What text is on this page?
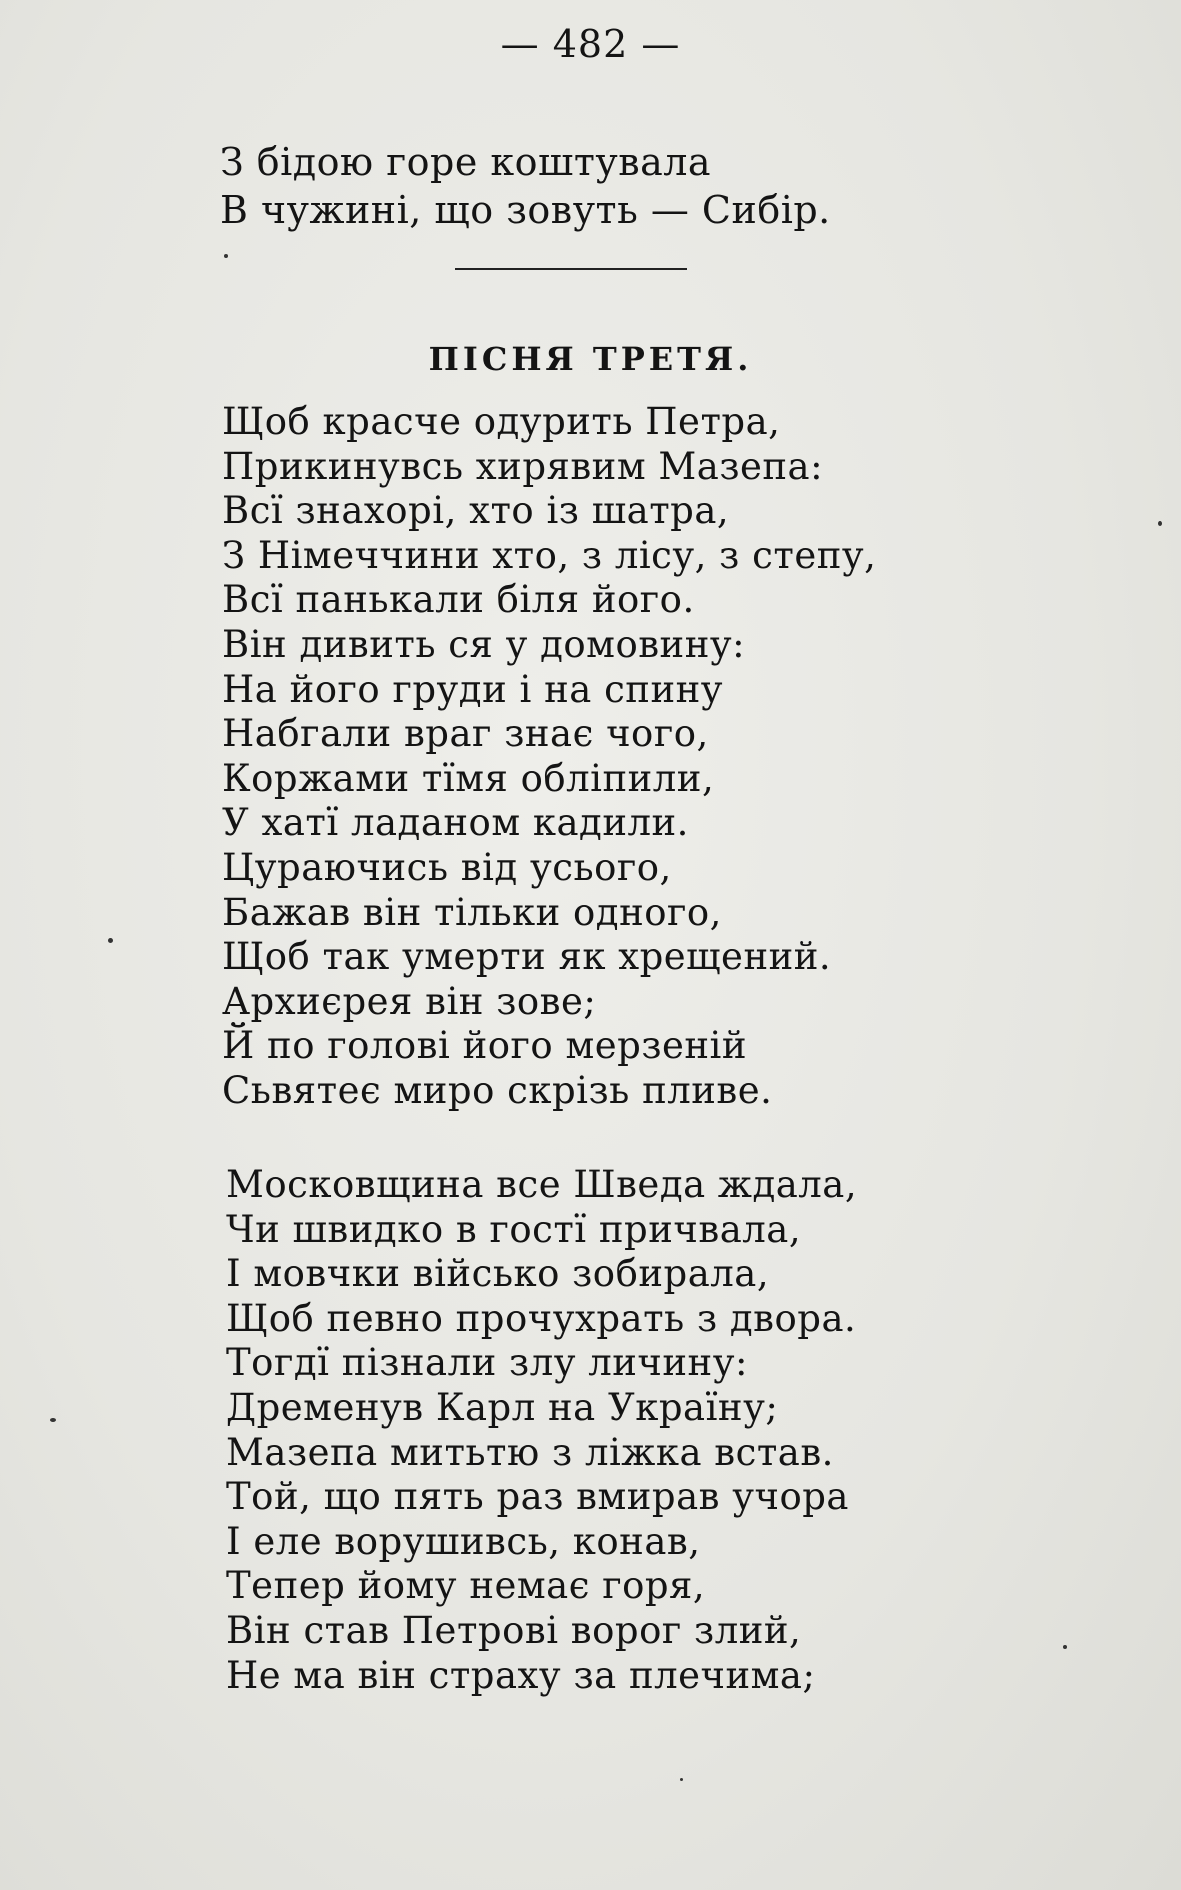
— 482 —
З бідою горе коштувала
В чужині, що зовуть — Сибір.
ПІСНЯ ТРЕТЯ.
Щоб красче одурить Петра,
Прикинувсь хирявим Мазепа:
Всї знахорі, хто із шатра,
З Німеччини хто, з лісу, з степу,
Всї панькали біля його.
Він дивить ся у домовину:
На його груди і на спину
Набгали враг знає чого,
Коржами тїмя обліпили,
У хатї ладаном кадили.
Цураючись від усього,
Бажав він тільки одного,
Щоб так умерти як хрещений.
Архиєрея він зове;
Й по голові його мерзеній
Сьвятеє миро скрізь пливе.
Московщина все Шведа ждала,
Чи швидко в гостї причвала,
І мовчки військо зобирала,
Щоб певно прочухрать з двора.
Тогдї пізнали злу личину:
Дременув Карл на Україну;
Мазепа митьтю з ліжка встав.
Той, що пять раз вмирав учора
І еле ворушивсь, конав,
Тепер йому немає горя,
Він став Петрові ворог злий,
Не ма він страху за плечима;
